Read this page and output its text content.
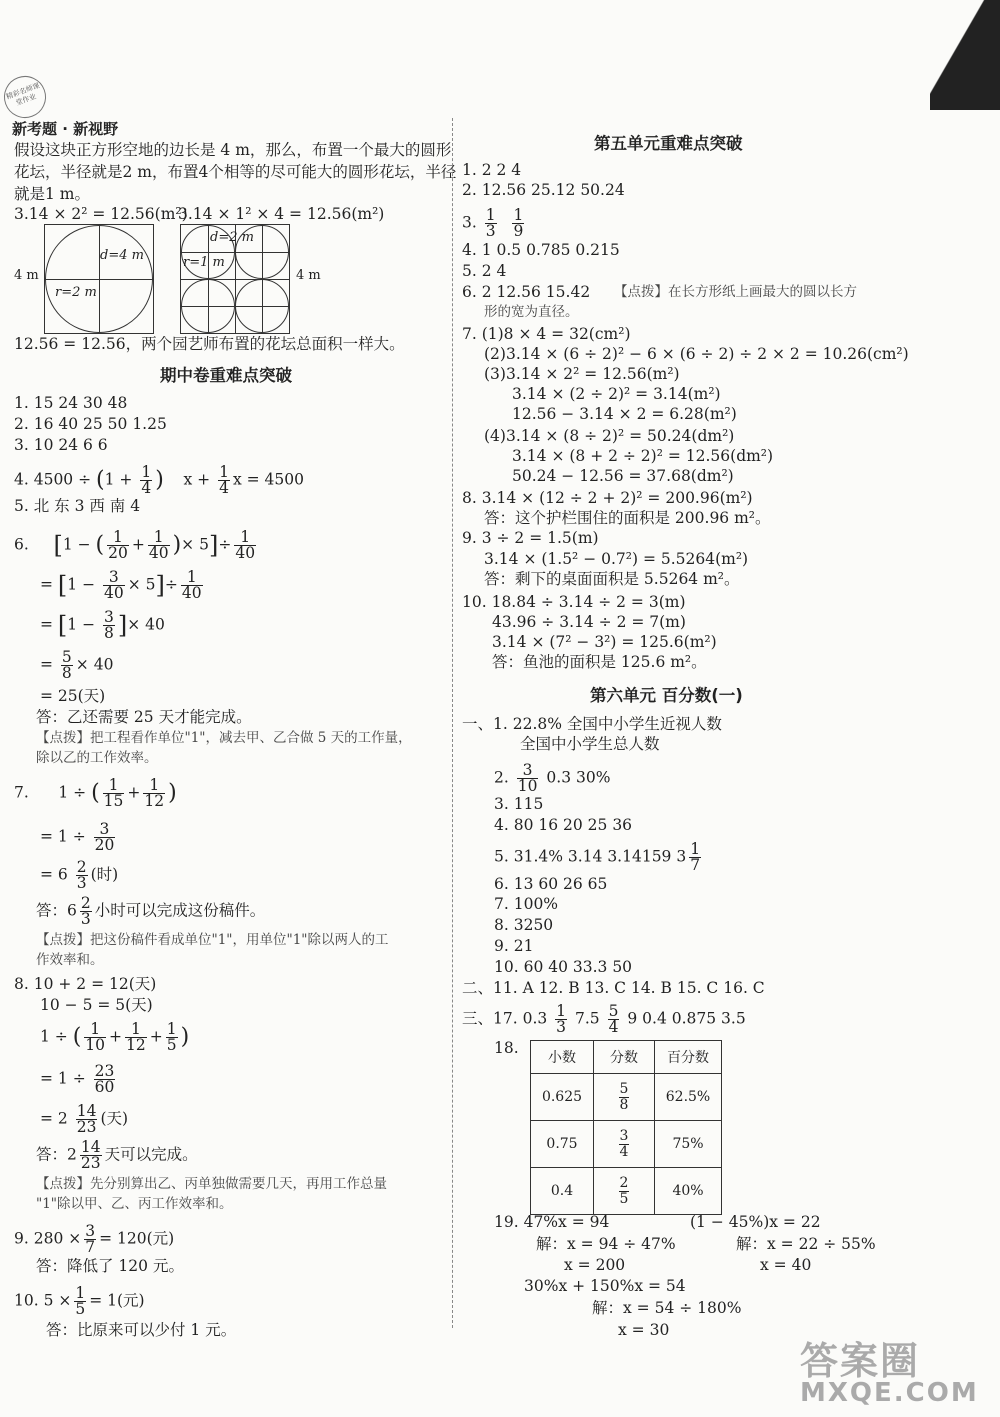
精彩名师课堂作业
新考题 · 新视野
假设这块正方形空地的边长是 4 m，那么，布置一个最大的圆形
花坛，半径就是2 m，布置4个相等的尽可能大的圆形花坛，半径
就是1 m。
3.14 × 2² = 12.56(m²)
3.14 × 1² × 4 = 12.56(m²)
d=4 m
r=2 m
4 m
d=2 m
r=1 m
4 m
12.56 = 12.56，两个园艺师布置的花坛总面积一样大。
期中卷重难点突破
1. 15 24 30 48
2. 16 40 25 50 1.25
3. 10 24 6 6
4. $4500 \div (1 + \frac{1}{4}$ )    $x + \frac{1}{4}$ x = 4500
5. 北 东 3 西 南 4
6. [1 − ( $\frac{1}{20} + \frac{1}{40}$ )× $5]\div \frac{1}{40}$
= $[1 - \frac{3}{40} \times 5]\div \frac{1}{40}$
= [$1 - \frac{3}{8}$ ]× 40
= $\frac{5}{8} \times 40$
= 25(天)
答：乙还需要 25 天才能完成。
【点拨】把工程看作单位"1"，减去甲、乙合做 5 天的工作量，
除以乙的工作效率。
7.      1 ÷ ( $\frac{1}{15} + \frac{1}{12}$ )
= $1 \div \frac{3}{20}$
= $6 \frac{2}{3}$ (时)
答：$6 \frac{2}{3}$ 小时可以完成这份稿件。
【点拨】把这份稿件看成单位"1"，用单位"1"除以两人的工
作效率和。
8. 10 + 2 = 12(天)
10 − 5 = 5(天)
1 ÷ ( $\frac{1}{10} + \frac{1}{12} + \frac{1}{5}$ )
= $1 \div \frac{23}{60}$
= $2 \frac{14}{23}$ (天)
答：$2 \frac{14}{23}$ 天可以完成。
【点拨】先分别算出乙、丙单独做需要几天，再用工作总量
"1"除以甲、乙、丙工作效率和。
9. $280 \times \frac{3}{7} = 120$(元)
答：降低了 120 元。
10. $5 \times \frac{1}{5} = 1$(元)
答：比原来可以少付 1 元。
第五单元重难点突破
1. 2 2 4
2. 12.56 25.12 50.24
3. $\frac{1}{3}$
$\frac{1}{9}$
4. 1 0.5 0.785 0.215
5. 2 4
6. 2 12.56 15.42 【点拨】在长方形纸上画最大的圆以长方
形的宽为直径。
7. (1)8 × 4 = 32(cm²)
(2)3.14 × (6 ÷ 2)² − 6 × (6 ÷ 2) ÷ 2 × 2 = 10.26(cm²)
(3)3.14 × 2² = 12.56(m²)
3.14 × (2 ÷ 2)² = 3.14(m²)
12.56 − 3.14 × 2 = 6.28(m²)
(4)3.14 × (8 ÷ 2)² = 50.24(dm²)
3.14 × (8 + 2 ÷ 2)² = 12.56(dm²)
50.24 − 12.56 = 37.68(dm²)
8. 3.14 × (12 ÷ 2 + 2)² = 200.96(m²)
答：这个护栏围住的面积是 200.96 m²。
9. 3 ÷ 2 = 1.5(m)
3.14 × (1.5² − 0.7²) = 5.5264(m²)
答：剩下的桌面面积是 5.5264 m²。
10. 18.84 ÷ 3.14 ÷ 2 = 3(m)
43.96 ÷ 3.14 ÷ 2 = 7(m)
3.14 × (7² − 3²) = 125.6(m²)
答：鱼池的面积是 125.6 m²。
第六单元 百分数(一)
一、1. 22.8% 全国中小学生近视人数
全国中小学生总人数
2. $\frac{3}{10} 0.3$ 30%
3. 115
4. 80 16 20 25 36
5. 31.4% 3.14 3.14159 $3 \frac{1}{7}$
6. 13 60 26 65
7. 100%
8. 3250
9. 21
10. 60 40 33.3 50
二、11. A 12. B 13. C 14. B 15. C 16. C
三、17. $0.3 \frac{1}{3} 7.5 \frac{5}{4} 9$ 0.4 0.875 3.5
18.
小数	分数	百分数
0.625	$\frac{5}{8}$	62.5%
0.75	$\frac{3}{4}$	75%
0.4	$\frac{2}{5}$	40%
19. 47%x = 94	(1 − 45%)x = 22
解：x = 94 ÷ 47%	解：x = 22 ÷ 55%
x = 200	x = 40
30%x + 150%x = 54
解：x = 54 ÷ 180%
x = 30
答案圈
MXQE.COM
